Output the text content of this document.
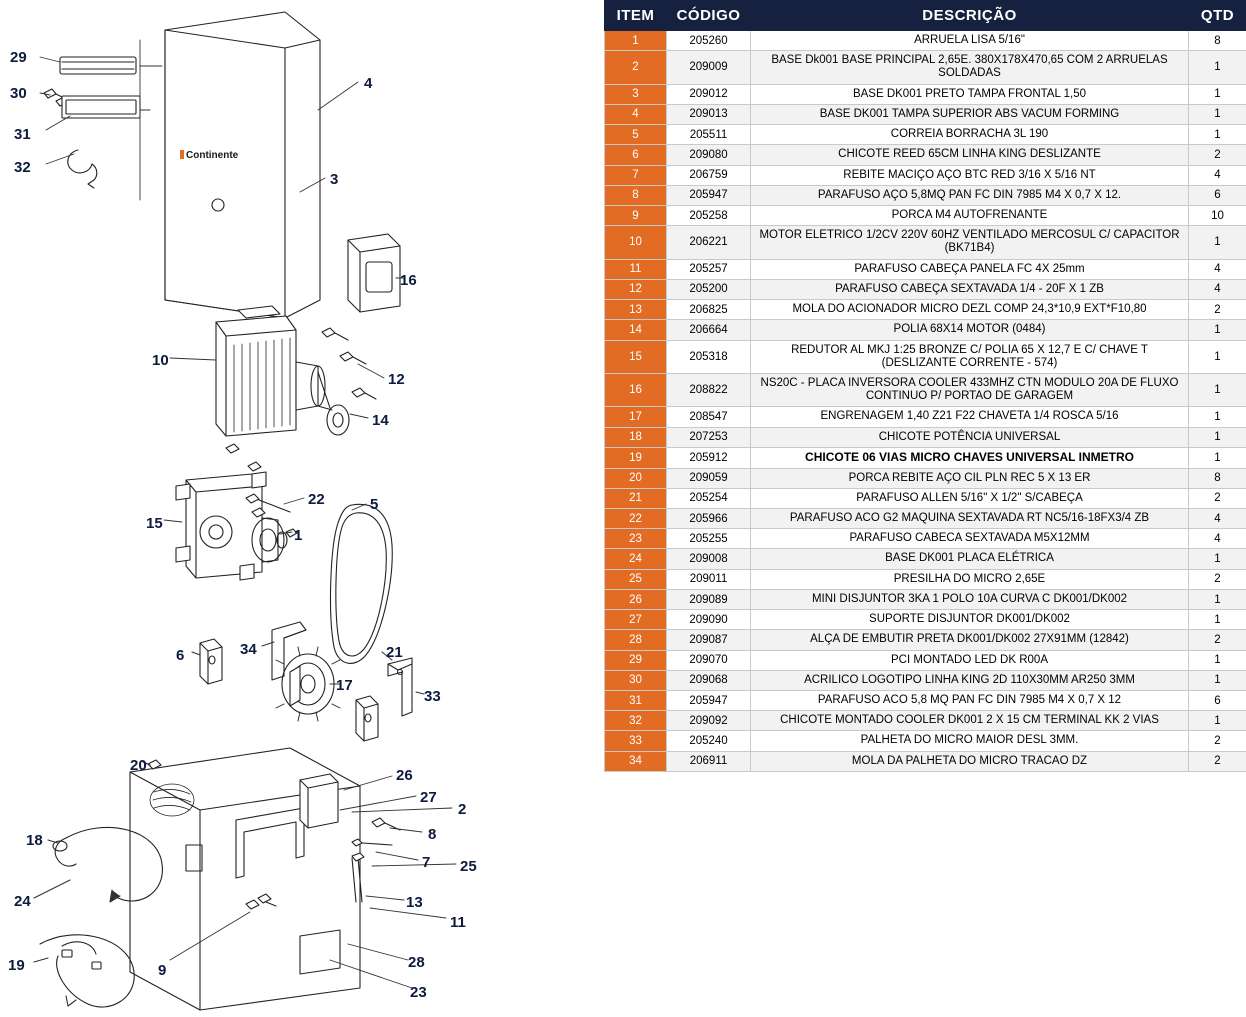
Continente
29
30
31
32
4
3
16
10
12
14
22	5
15
1
34
6	21
17
33
20
26
27
2
8
18
7 25
24	13
11
9	28
23
19
ITEM	CÓDIGO	DESCRIÇÃO	QTD
1	205260	ARRUELA LISA 5/16"	8
2	209009	BASE Dk001 BASE PRINCIPAL 2,65E. 380X178X470,65 COM 2 ARRUELAS SOLDADAS	1
3	209012	BASE DK001 PRETO TAMPA FRONTAL 1,50	1
4	209013	BASE DK001 TAMPA SUPERIOR ABS VACUM FORMING	1
5	205511	CORREIA BORRACHA 3L 190	1
6	209080	CHICOTE REED 65CM LINHA KING DESLIZANTE	2
7	206759	REBITE MACIÇO AÇO BTC RED 3/16 X 5/16 NT	4
8	205947	PARAFUSO AÇO 5,8MQ PAN FC DIN 7985 M4 X 0,7 X 12.	6
9	205258	PORCA M4 AUTOFRENANTE	10
10	206221	MOTOR ELETRICO 1/2CV 220V 60HZ VENTILADO MERCOSUL C/ CAPACITOR (BK71B4)	1
11	205257	PARAFUSO CABEÇA PANELA FC 4X 25mm	4
12	205200	PARAFUSO CABEÇA SEXTAVADA 1/4 - 20F X 1 ZB	4
13	206825	MOLA DO ACIONADOR MICRO DEZL COMP 24,3*10,9 EXT*F10,80	2
14	206664	POLIA 68X14 MOTOR (0484)	1
15	205318	REDUTOR AL MKJ 1:25 BRONZE C/ POLIA 65 X 12,7 E C/ CHAVE T (DESLIZANTE CORRENTE - 574)	1
16	208822	NS20C - PLACA INVERSORA COOLER 433MHZ CTN MODULO 20A DE FLUXO CONTINUO P/ PORTAO DE GARAGEM	1
17	208547	ENGRENAGEM 1,40 Z21 F22 CHAVETA 1/4 ROSCA 5/16	1
18	207253	CHICOTE POTÊNCIA UNIVERSAL	1
19	205912	CHICOTE 06 VIAS MICRO CHAVES UNIVERSAL INMETRO	1
20	209059	PORCA REBITE AÇO CIL PLN REC 5 X 13 ER	8
21	205254	PARAFUSO ALLEN 5/16" X 1/2" S/CABEÇA	2
22	205966	PARAFUSO ACO G2 MAQUINA SEXTAVADA RT NC5/16-18FX3/4 ZB	4
23	205255	PARAFUSO CABECA SEXTAVADA M5X12MM	4
24	209008	BASE DK001 PLACA ELÉTRICA	1
25	209011	PRESILHA DO MICRO 2,65E	2
26	209089	MINI DISJUNTOR 3KA 1 POLO 10A CURVA C DK001/DK002	1
27	209090	SUPORTE DISJUNTOR DK001/DK002	1
28	209087	ALÇA DE EMBUTIR PRETA DK001/DK002 27X91MM (12842)	2
29	209070	PCI MONTADO LED DK R00A	1
30	209068	ACRILICO LOGOTIPO LINHA KING 2D 110X30MM AR250 3MM	1
31	205947	PARAFUSO ACO 5,8 MQ PAN FC DIN 7985 M4 X 0,7 X 12	6
32	209092	CHICOTE MONTADO COOLER DK001 2 X 15 CM TERMINAL KK 2 VIAS	1
33	205240	PALHETA DO MICRO MAIOR DESL 3MM.	2
34	206911	MOLA DA PALHETA DO MICRO TRACAO DZ	2
